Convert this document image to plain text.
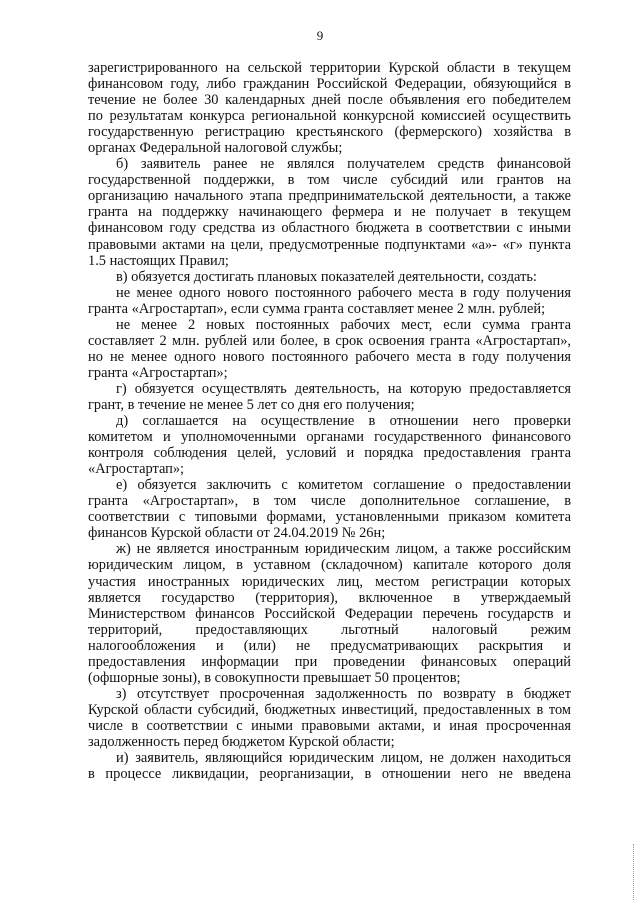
9
зарегистрированного на сельской территории Курской области в текущем
финансовом году, либо гражданин Российской Федерации, обязующийся в
течение не более 30 календарных дней после объявления его победителем
по результатам конкурса региональной конкурсной комиссией осуществить
государственную регистрацию крестьянского (фермерского) хозяйства в
органах Федеральной налоговой службы;
б) заявитель ранее не являлся получателем средств финансовой
государственной поддержки, в том числе субсидий или грантов на
организацию начального этапа предпринимательской деятельности, а также
гранта на поддержку начинающего фермера и не получает в текущем
финансовом году средства из областного бюджета в соответствии с иными
правовыми актами на цели, предусмотренные подпунктами «а»- «г» пункта
1.5 настоящих Правил;
в) обязуется достигать плановых показателей деятельности, создать:
не менее одного нового постоянного рабочего места в году получения
гранта «Агростартап», если сумма гранта составляет менее 2 млн. рублей;
не менее 2 новых постоянных рабочих мест, если сумма гранта
составляет 2 млн. рублей или более, в срок освоения гранта «Агростартап»,
но не менее одного нового постоянного рабочего места в году получения
гранта «Агростартап»;
г) обязуется осуществлять деятельность, на которую предоставляется
грант, в течение не менее 5 лет со дня его получения;
д) соглашается на осуществление в отношении него проверки
комитетом и уполномоченными органами государственного финансового
контроля соблюдения целей, условий и порядка предоставления гранта
«Агростартап»;
е) обязуется заключить с комитетом соглашение о предоставлении
гранта «Агростартап», в том числе дополнительное соглашение, в
соответствии с типовыми формами, установленными приказом комитета
финансов Курской области от 24.04.2019 № 26н;
ж) не является иностранным юридическим лицом, а также российским
юридическим лицом, в уставном (складочном) капитале которого доля
участия иностранных юридических лиц, местом регистрации которых
является государство (территория), включенное в утверждаемый
Министерством финансов Российской Федерации перечень государств и
территорий, предоставляющих льготный налоговый режим
налогообложения и (или) не предусматривающих раскрытия и
предоставления информации при проведении финансовых операций
(офшорные зоны), в совокупности превышает 50 процентов;
з) отсутствует просроченная задолженность по возврату в бюджет
Курской области субсидий, бюджетных инвестиций, предоставленных в том
числе в соответствии с иными правовыми актами, и иная просроченная
задолженность перед бюджетом Курской области;
и) заявитель, являющийся юридическим лицом, не должен находиться
в процессе ликвидации, реорганизации, в отношении него не введена
